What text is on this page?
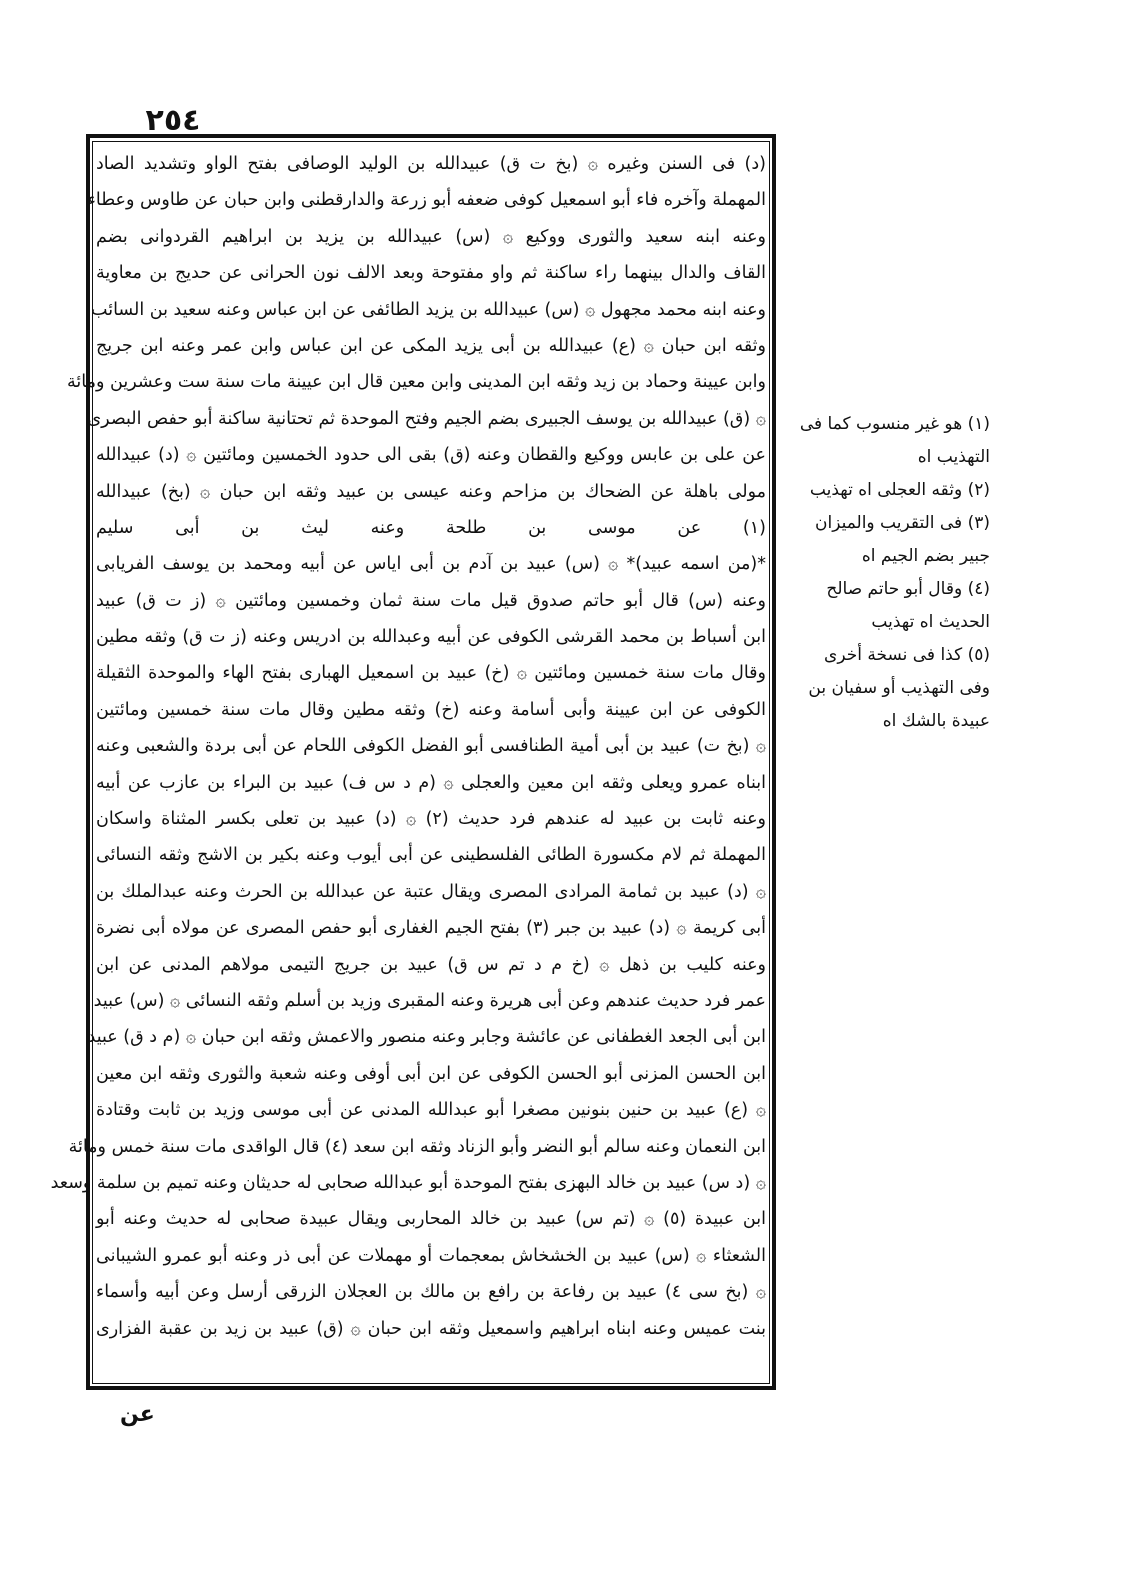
٢٥٤
(د) فى السنن وغيره ۞ (بخ ت ق) عبيدالله بن الوليد الوصافى بفتح الواو وتشديد الصاد
المهملة وآخره فاء أبو اسمعيل كوفى ضعفه أبو زرعة والدارقطنى وابن حبان عن طاوس وعطاء
وعنه ابنه سعيد والثورى ووكيع ۞ (س) عبيدالله بن يزيد بن ابراهيم القردوانى بضم
القاف والدال بينهما راء ساكنة ثم واو مفتوحة وبعد الالف نون الحرانى عن حديج بن معاوية
وعنه ابنه محمد مجهول ۞ (س) عبيدالله بن يزيد الطائفى عن ابن عباس وعنه سعيد بن السائب
وثقه ابن حبان ۞ (ع) عبيدالله بن أبى يزيد المكى عن ابن عباس وابن عمر وعنه ابن جريج
وابن عيينة وحماد بن زيد وثقه ابن المدينى وابن معين قال ابن عيينة مات سنة ست وعشرين ومائة
۞ (ق) عبيدالله بن يوسف الجبيرى بضم الجيم وفتح الموحدة ثم تحتانية ساكنة أبو حفص البصرى
عن على بن عابس ووكيع والقطان وعنه (ق) بقى الى حدود الخمسين ومائتين ۞ (د) عبيدالله
مولى باهلة عن الضحاك بن مزاحم وعنه عيسى بن عبيد وثقه ابن حبان ۞ (بخ) عبيدالله
(١) عن موسى بن طلحة وعنه ليث بن أبى سليم
*(من اسمه عبيد)* ۞ (س) عبيد بن آدم بن أبى اياس عن أبيه ومحمد بن يوسف الفريابى
وعنه (س) قال أبو حاتم صدوق قيل مات سنة ثمان وخمسين ومائتين ۞ (ز ت ق) عبيد
ابن أسباط بن محمد القرشى الكوفى عن أبيه وعبدالله بن ادريس وعنه (ز ت ق) وثقه مطين
وقال مات سنة خمسين ومائتين ۞ (خ) عبيد بن اسمعيل الهبارى بفتح الهاء والموحدة الثقيلة
الكوفى عن ابن عيينة وأبى أسامة وعنه (خ) وثقه مطين وقال مات سنة خمسين ومائتين
۞ (بخ ت) عبيد بن أبى أمية الطنافسى أبو الفضل الكوفى اللحام عن أبى بردة والشعبى وعنه
ابناه عمرو ويعلى وثقه ابن معين والعجلى ۞ (م د س ف) عبيد بن البراء بن عازب عن أبيه
وعنه ثابت بن عبيد له عندهم فرد حديث (٢) ۞ (د) عبيد بن تعلى بكسر المثناة واسكان
المهملة ثم لام مكسورة الطائى الفلسطينى عن أبى أيوب وعنه بكير بن الاشج وثقه النسائى
۞ (د) عبيد بن ثمامة المرادى المصرى ويقال عتبة عن عبدالله بن الحرث وعنه عبدالملك بن
أبى كريمة ۞ (د) عبيد بن جبر (٣) بفتح الجيم الغفارى أبو حفص المصرى عن مولاه أبى نضرة
وعنه كليب بن ذهل ۞ (خ م د تم س ق) عبيد بن جريج التيمى مولاهم المدنى عن ابن
عمر فرد حديث عندهم وعن أبى هريرة وعنه المقبرى وزيد بن أسلم وثقه النسائى ۞ (س) عبيد
ابن أبى الجعد الغطفانى عن عائشة وجابر وعنه منصور والاعمش وثقه ابن حبان ۞ (م د ق) عبيد
ابن الحسن المزنى أبو الحسن الكوفى عن ابن أبى أوفى وعنه شعبة والثورى وثقه ابن معين
۞ (ع) عبيد بن حنين بنونين مصغرا أبو عبدالله المدنى عن أبى موسى وزيد بن ثابت وقتادة
ابن النعمان وعنه سالم أبو النضر وأبو الزناد وثقه ابن سعد (٤) قال الواقدى مات سنة خمس ومائة
۞ (د س) عبيد بن خالد البهزى بفتح الموحدة أبو عبدالله صحابى له حديثان وعنه تميم بن سلمة وسعد
ابن عبيدة (٥) ۞ (تم س) عبيد بن خالد المحاربى ويقال عبيدة صحابى له حديث وعنه أبو
الشعثاء ۞ (س) عبيد بن الخشخاش بمعجمات أو مهملات عن أبى ذر وعنه أبو عمرو الشيبانى
۞ (بخ سى ٤) عبيد بن رفاعة بن رافع بن مالك بن العجلان الزرقى أرسل وعن أبيه وأسماء
بنت عميس وعنه ابناه ابراهيم واسمعيل وثقه ابن حبان ۞ (ق) عبيد بن زيد بن عقبة الفزارى
(١) هو غير منسوب كما فى
التهذيب اه
(٢) وثقه العجلى اه تهذيب
(٣) فى التقريب والميزان
جبير بضم الجيم اه
(٤) وقال أبو حاتم صالح
الحديث اه تهذيب
(٥) كذا فى نسخة أخرى
وفى التهذيب أو سفيان بن
عبيدة بالشك اه
عن
